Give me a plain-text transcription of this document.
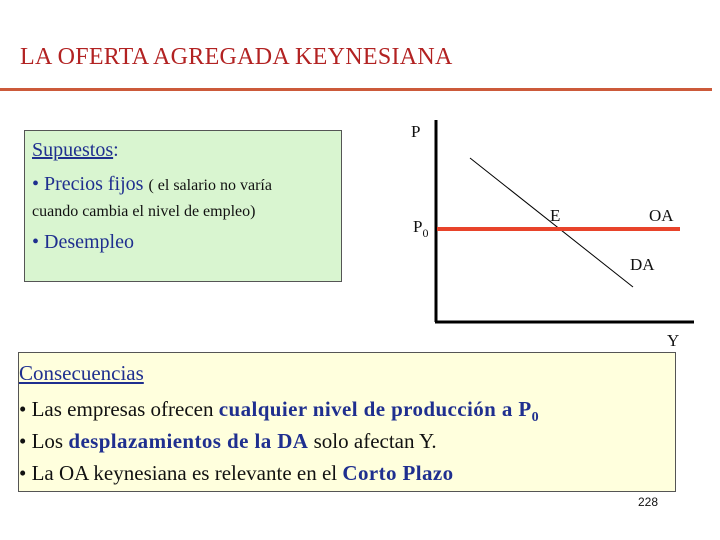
LA OFERTA AGREGADA KEYNESIANA
Supuestos:
• Precios fijos ( el salario no varía
cuando cambia el nivel de empleo)
• Desempleo
P
$P_0$
E	OA
DA
Y
Consecuencias
• Las empresas ofrecen cualquier nivel de producción a $P_0$
• Los desplazamientos de la DA solo afectan Y.
• La OA keynesiana es relevante en el Corto Plazo
228
